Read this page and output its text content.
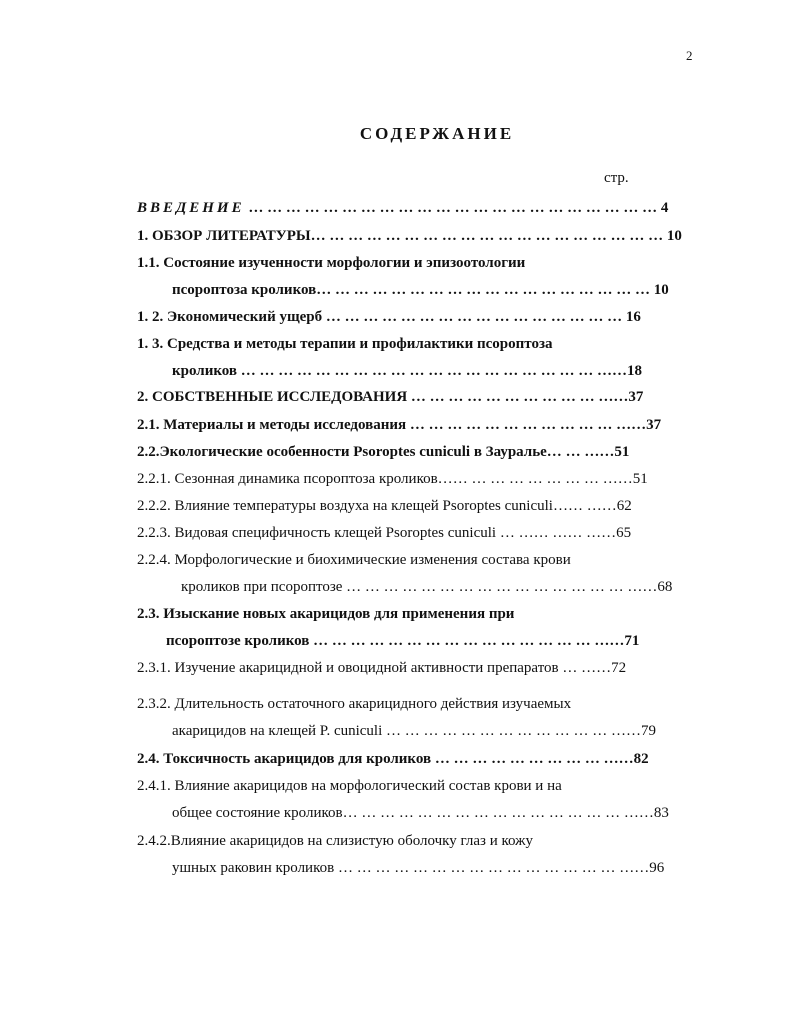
2
СОДЕРЖАНИЕ
стр.
ВВЕДЕНИЕ … … … … … … … … … … … … … … … … … … … … … … 4
1. ОБЗОР ЛИТЕРАТУРЫ… … … … … … … … … … … … … … … … … … … 10
1.1. Состояние изученности морфологии и эпизоотологии
псороптоза кроликов… … … … … … … … … … … … … … … … … … 10
1. 2. Экономический ущерб … … … … … … … … … … … … … … … … 16
1. 3. Средства и методы терапии и профилактики псороптоза
кроликов … … … … … … … … … … … … … … … … … … … ……18
2. СОБСТВЕННЫЕ ИССЛЕДОВАНИЯ … … … … … … … … … … ……37
2.1. Материалы и методы исследования … … … … … … … … … … … ……37
2.2.Экологические особенности Psoroptes cuniculi в Зауралье… … ……51
2.2.1. Сезонная динамика псороптоза кроликов…… … … … … … … … ……51
2.2.2. Влияние температуры воздуха на клещей Psoroptes cuniculi…… ……62
2.2.3. Видовая специфичность клещей Psoroptes cuniculi … …… …… ……65
2.2.4. Морфологические и биохимические изменения состава крови
кроликов при псороптозе … … … … … … … … … … … … … … … ……68
2.3. Изыскание новых акарицидов для применения при
псороптозе кроликов … … … … … … … … … … … … … … … ……71
2.3.1. Изучение акарицидной и овоцидной активности препаратов … ……72
2.3.2. Длительность остаточного акарицидного действия изучаемых
акарицидов на клещей P. cuniculi … … … … … … … … … … … … ……79
2.4. Токсичность акарицидов для кроликов … … … … … … … … … ……82
2.4.1. Влияние акарицидов на морфологический состав крови и на
общее состояние кроликов… … … … … … … … … … … … … … … ……83
2.4.2.Влияние акарицидов на слизистую оболочку глаз и кожу
ушных раковин кроликов … … … … … … … … … … … … … … … ……96
